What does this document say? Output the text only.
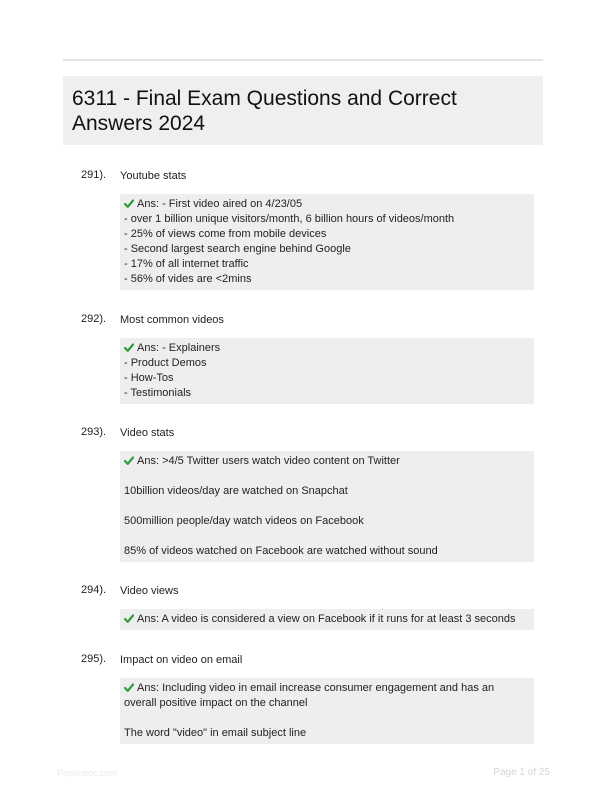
6311 - Final Exam Questions and Correct
Answers 2024
291). Youtube stats

Ans: - First video aired on 4/23/05

- over 1 billion unique visitors/month, 6 billion hours of videos/month

- 25% of views come from mobile devices

- Second largest search engine behind Google

- 17% of all internet traffic

- 56% of vides are <2mins

292). Most common videos

Ans: - Explainers

- Product Demos

- How-Tos

- Testimonials

293). Video stats

Ans: >4/5 Twitter users watch video content on Twitter

10billion videos/day are watched on Snapchat

500million people/day watch videos on Facebook

85% of videos watched on Facebook are watched without sound

294). Video views

Ans: A video is considered a view on Facebook if it runs for at least 3 seconds

295). Impact on video on email

Ans: Including video in email increase consumer engagement and has an overall positive impact on the channel

The word "video" in email subject line

Paperstoc.com	Page 1 of 25
